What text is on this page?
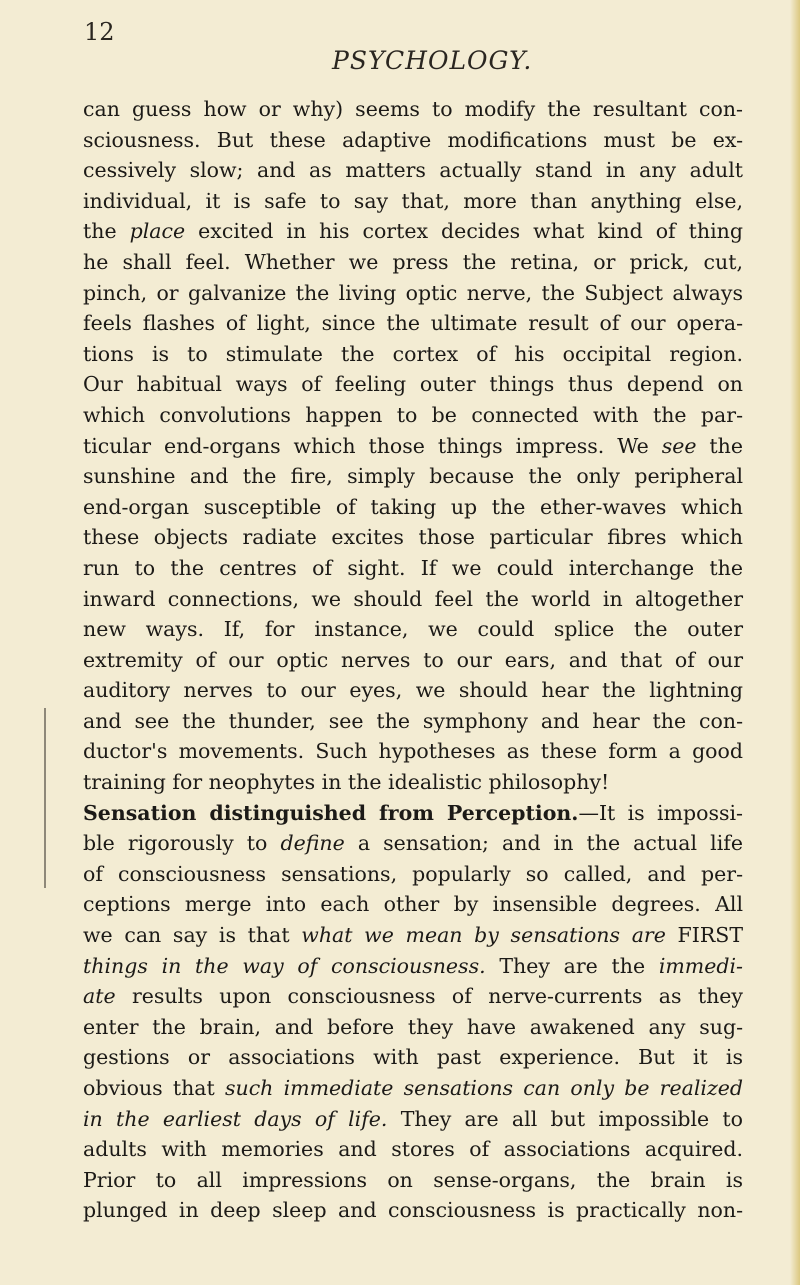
12
PSYCHOLOGY.
can guess how or why) seems to modify the resultant con-
sciousness. But these adaptive modifications must be ex-
cessively slow; and as matters actually stand in any adult
individual, it is safe to say that, more than anything else,
the place excited in his cortex decides what kind of thing
he shall feel. Whether we press the retina, or prick, cut,
pinch, or galvanize the living optic nerve, the Subject always
feels flashes of light, since the ultimate result of our opera-
tions is to stimulate the cortex of his occipital region.
Our habitual ways of feeling outer things thus depend on
which convolutions happen to be connected with the par-
ticular end-organs which those things impress. We see the
sunshine and the fire, simply because the only peripheral
end-organ susceptible of taking up the ether-waves which
these objects radiate excites those particular fibres which
run to the centres of sight. If we could interchange the
inward connections, we should feel the world in altogether
new ways. If, for instance, we could splice the outer
extremity of our optic nerves to our ears, and that of our
auditory nerves to our eyes, we should hear the lightning
and see the thunder, see the symphony and hear the con-
ductor's movements. Such hypotheses as these form a good
training for neophytes in the idealistic philosophy!
Sensation distinguished from Perception.—It is impossi-
ble rigorously to define a sensation; and in the actual life
of consciousness sensations, popularly so called, and per-
ceptions merge into each other by insensible degrees. All
we can say is that what we mean by sensations are FIRST
things in the way of consciousness. They are the immedi-
ate results upon consciousness of nerve-currents as they
enter the brain, and before they have awakened any sug-
gestions or associations with past experience. But it is
obvious that such immediate sensations can only be realized
in the earliest days of life. They are all but impossible to
adults with memories and stores of associations acquired.
Prior to all impressions on sense-organs, the brain is
plunged in deep sleep and consciousness is practically non-
